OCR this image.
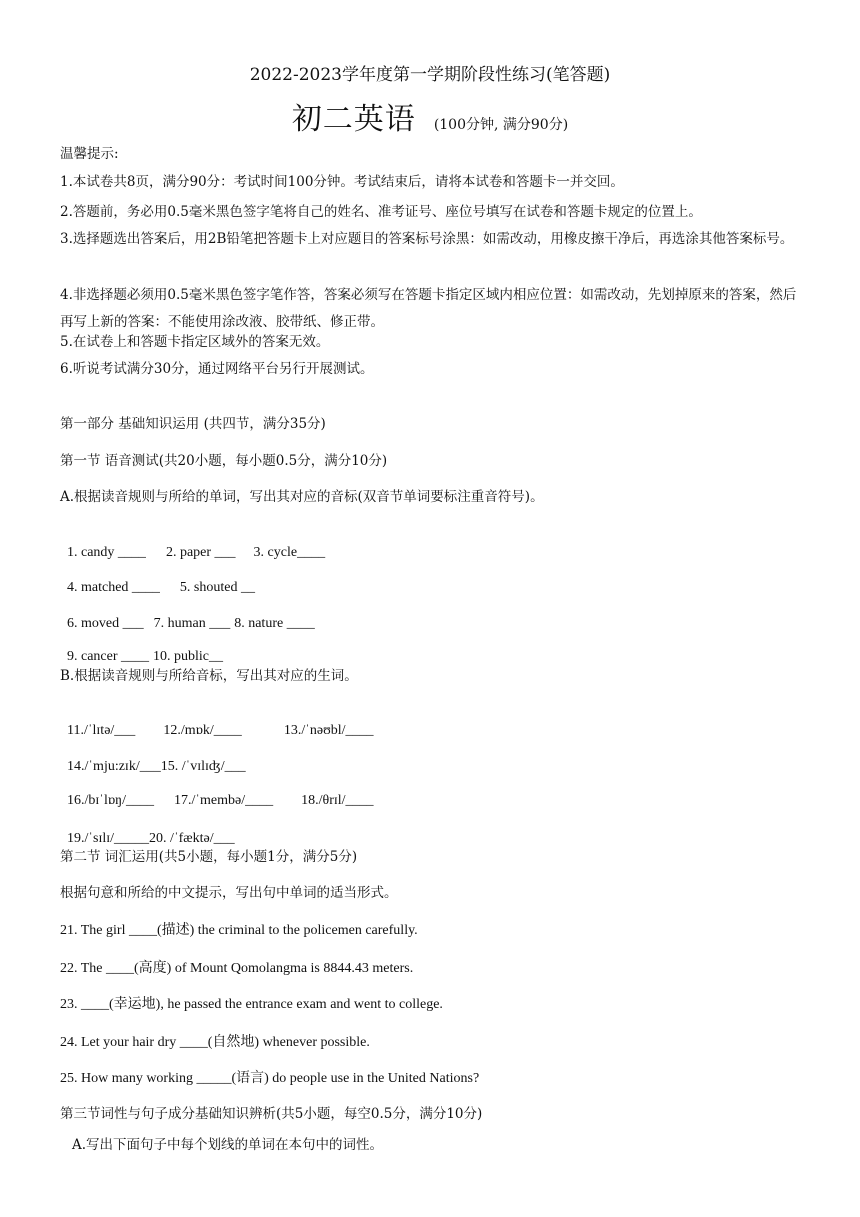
2022-2023学年度第一学期阶段性练习(笔答题)
初二英语 (100分钟, 满分90分)
温馨提示:
1.本试卷共8页，满分90分：考试时间100分钟。考试结束后，请将本试卷和答题卡一并交回。
2.答题前，务必用0.5毫米黑色签字笔将自己的姓名、准考证号、座位号填写在试卷和答题卡规定的位置上。
3.选择题选出答案后，用2B铅笔把答题卡上对应题目的答案标号涂黑：如需改动，用橡皮擦干净后，再选涂其他答案标号。
4.非选择题必须用0.5毫米黑色签字笔作答，答案必须写在答题卡指定区域内相应位置：如需改动，先划掉原来的答案，然后再写上新的答案：不能使用涂改液、胶带纸、修正带。
5.在试卷上和答题卡指定区域外的答案无效。
6.听说考试满分30分，通过网络平台另行开展测试。
第一部分 基础知识运用 (共四节，满分35分)
第一节 语音测试(共20小题，每小题0.5分，满分10分)
A.根据读音规则与所给的单词，写出其对应的音标(双音节单词要标注重音符号)。

1. candy ____ 2. paper ___ 3. cycle____

4. matched ____ 5. shouted __

6. moved ___ 7. human ___ 8. nature ____

9. cancer ____ 10. public__

B.根据读音规则与所给音标，写出其对应的生词。

11./ˈlɪtə/___ 12./mɒk/____	13./ˈnəʊbl/____

14./ˈmju:zɪk/___15. /ˈvɪlɪʤ/___

16./bɪˈlɒŋ/____ 17./ˈmembə/____ 18./θrɪl/____

19./ˈsɪlɪ/_____20. /ˈfæktə/___

第二节 词汇运用(共5小题，每小题1分，满分5分)
根据句意和所给的中文提示，写出句中单词的适当形式。
21. The girl ____(描述) the criminal to the policemen carefully.
22. The ____(高度) of Mount Qomolangma is 8844.43 meters.
23. ____(幸运地), he passed the entrance exam and went to college.
24. Let your hair dry ____(自然地) whenever possible.
25. How many working _____(语言) do people use in the United Nations?
第三节词性与句子成分基础知识辨析(共5小题，每空0.5分，满分10分)
A.写出下面句子中每个划线的单词在本句中的词性。
